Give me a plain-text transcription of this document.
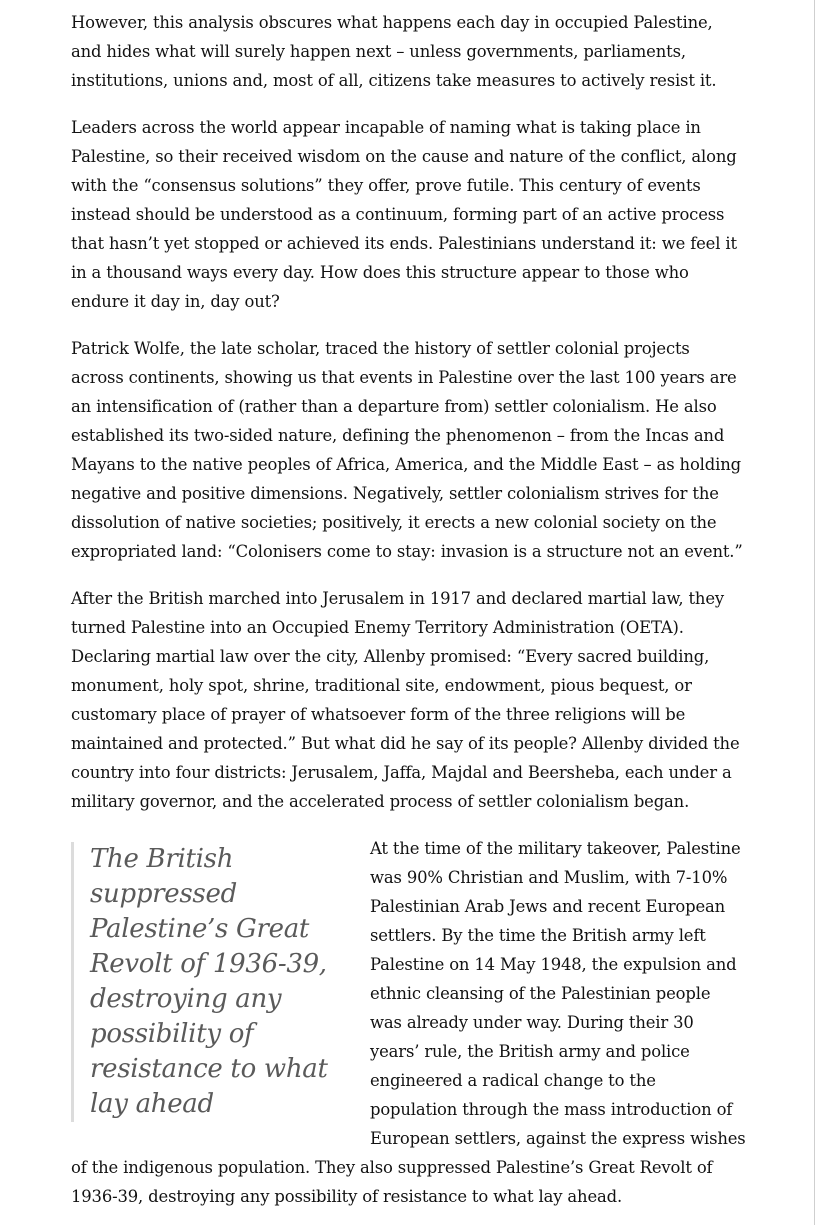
However, this analysis obscures what happens each day in occupied Palestine, and hides what will surely happen next – unless governments, parliaments, institutions, unions and, most of all, citizens take measures to actively resist it.

Leaders across the world appear incapable of naming what is taking place in Palestine, so their received wisdom on the cause and nature of the conflict, along with the “consensus solutions” they offer, prove futile. This century of events instead should be understood as a continuum, forming part of an active process that hasn’t yet stopped or achieved its ends. Palestinians understand it: we feel it in a thousand ways every day. How does this structure appear to those who endure it day in, day out?

Patrick Wolfe, the late scholar, traced the history of settler colonial projects across continents, showing us that events in Palestine over the last 100 years are an intensification of (rather than a departure from) settler colonialism. He also established its two-sided nature, defining the phenomenon – from the Incas and Mayans to the native peoples of Africa, America, and the Middle East – as holding negative and positive dimensions. Negatively, settler colonialism strives for the dissolution of native societies; positively, it erects a new colonial society on the expropriated land: “Colonisers come to stay: invasion is a structure not an event.”

After the British marched into Jerusalem in 1917 and declared martial law, they turned Palestine into an Occupied Enemy Territory Administration (OETA). Declaring martial law over the city, Allenby promised: “Every sacred building, monument, holy spot, shrine, traditional site, endowment, pious bequest, or customary place of prayer of whatsoever form of the three religions will be maintained and protected.” But what did he say of its people? Allenby divided the country into four districts: Jerusalem, Jaffa, Majdal and Beersheba, each under a military governor, and the accelerated process of settler colonialism began.

The British suppressed Palestine’s Great Revolt of 1936-39, destroying any possibility of resistance to what lay ahead

At the time of the military takeover, Palestine was 90% Christian and Muslim, with 7-10% Palestinian Arab Jews and recent European settlers. By the time the British army left Palestine on 14 May 1948, the expulsion and ethnic cleansing of the Palestinian people was already under way. During their 30 years’ rule, the British army and police engineered a radical change to the population through the mass introduction of European settlers, against the express wishes of the indigenous population. They also suppressed Palestine’s Great Revolt of 1936-39, destroying any possibility of resistance to what lay ahead.
